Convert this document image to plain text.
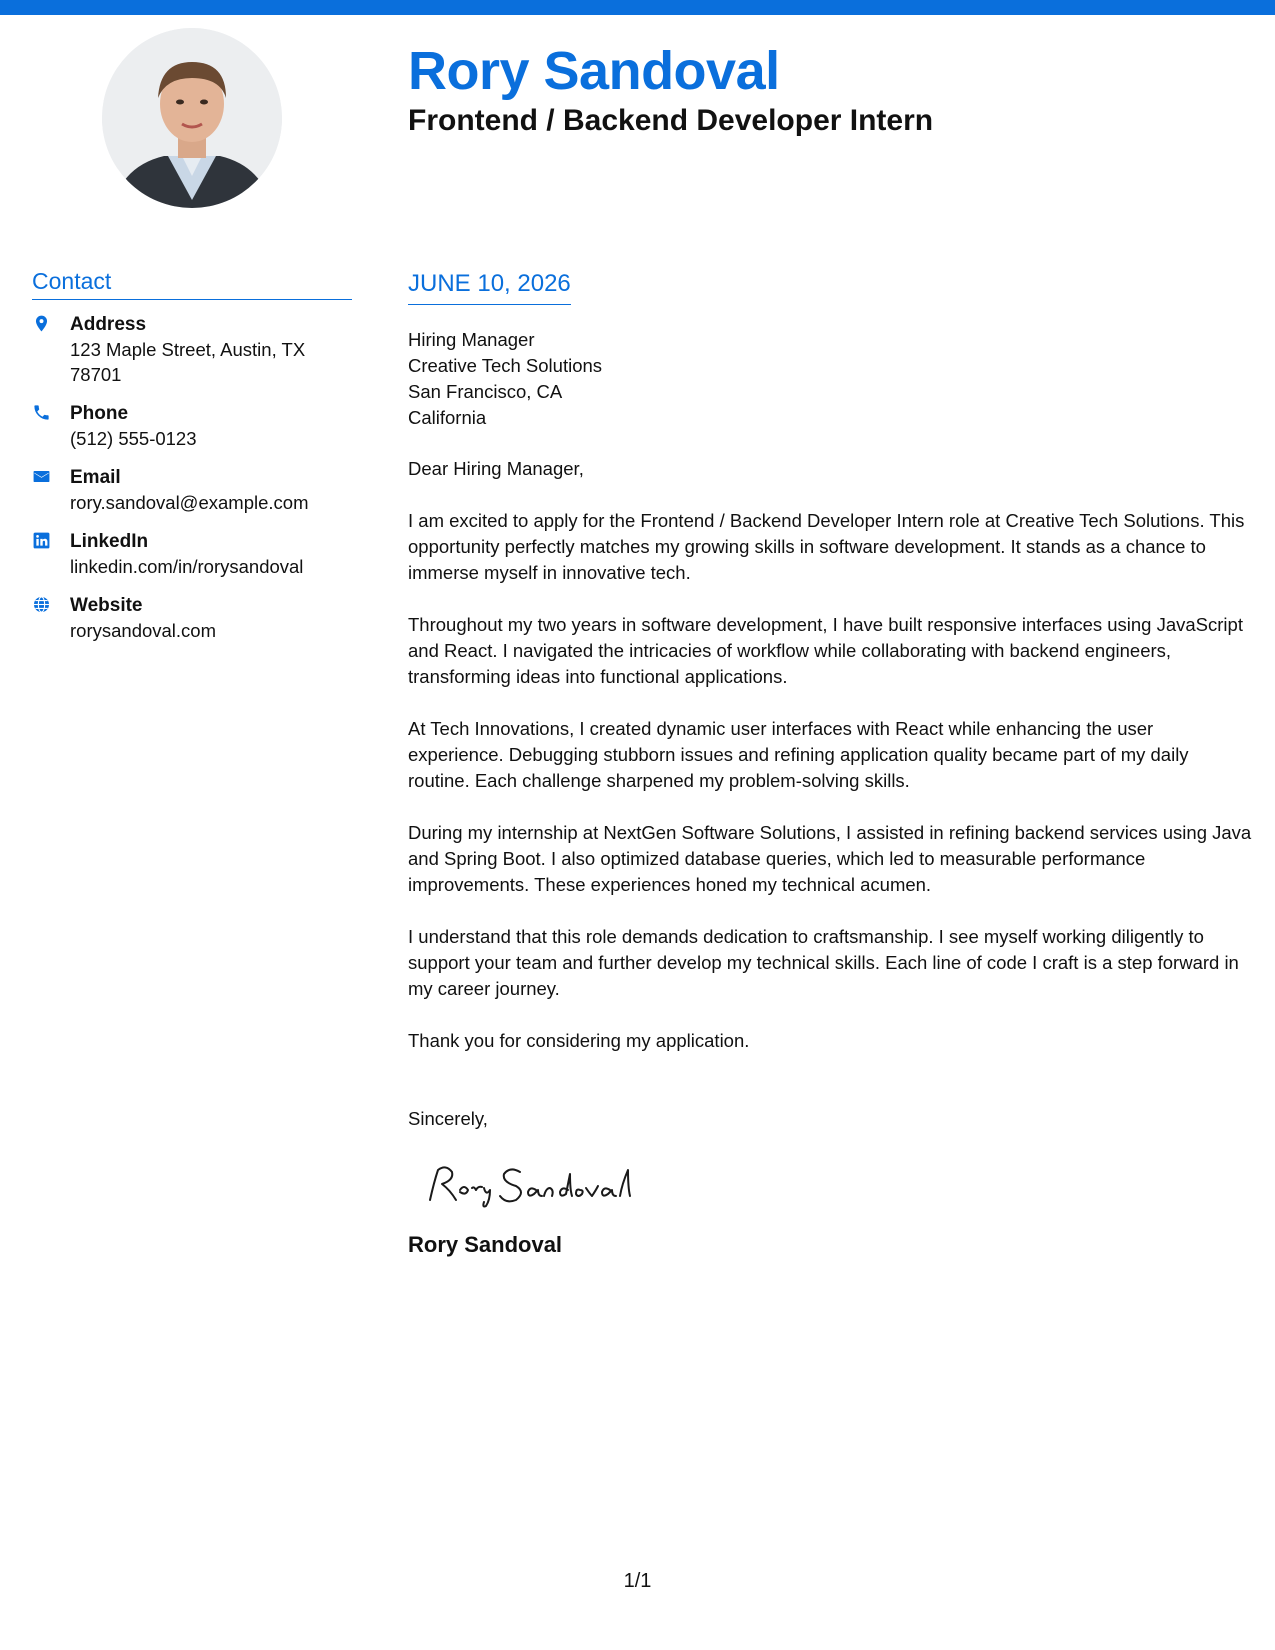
Rory Sandoval
Frontend / Backend Developer Intern
Contact
Address
123 Maple Street, Austin, TX 78701
Phone
(512) 555-0123
Email
rory.sandoval@example.com
LinkedIn
linkedin.com/in/rorysandoval
Website
rorysandoval.com
JUNE 10, 2026
Hiring Manager
Creative Tech Solutions
San Francisco, CA
California
Dear Hiring Manager,

I am excited to apply for the Frontend / Backend Developer Intern role at Creative Tech Solutions. This opportunity perfectly matches my growing skills in software development. It stands as a chance to immerse myself in innovative tech.

Throughout my two years in software development, I have built responsive interfaces using JavaScript and React. I navigated the intricacies of workflow while collaborating with backend engineers, transforming ideas into functional applications.

At Tech Innovations, I created dynamic user interfaces with React while enhancing the user experience. Debugging stubborn issues and refining application quality became part of my daily routine. Each challenge sharpened my problem-solving skills.

During my internship at NextGen Software Solutions, I assisted in refining backend services using Java and Spring Boot. I also optimized database queries, which led to measurable performance improvements. These experiences honed my technical acumen.

I understand that this role demands dedication to craftsmanship. I see myself working diligently to support your team and further develop my technical skills. Each line of code I craft is a step forward in my career journey.

Thank you for considering my application.

Sincerely,
Rory Sandoval
1/1
